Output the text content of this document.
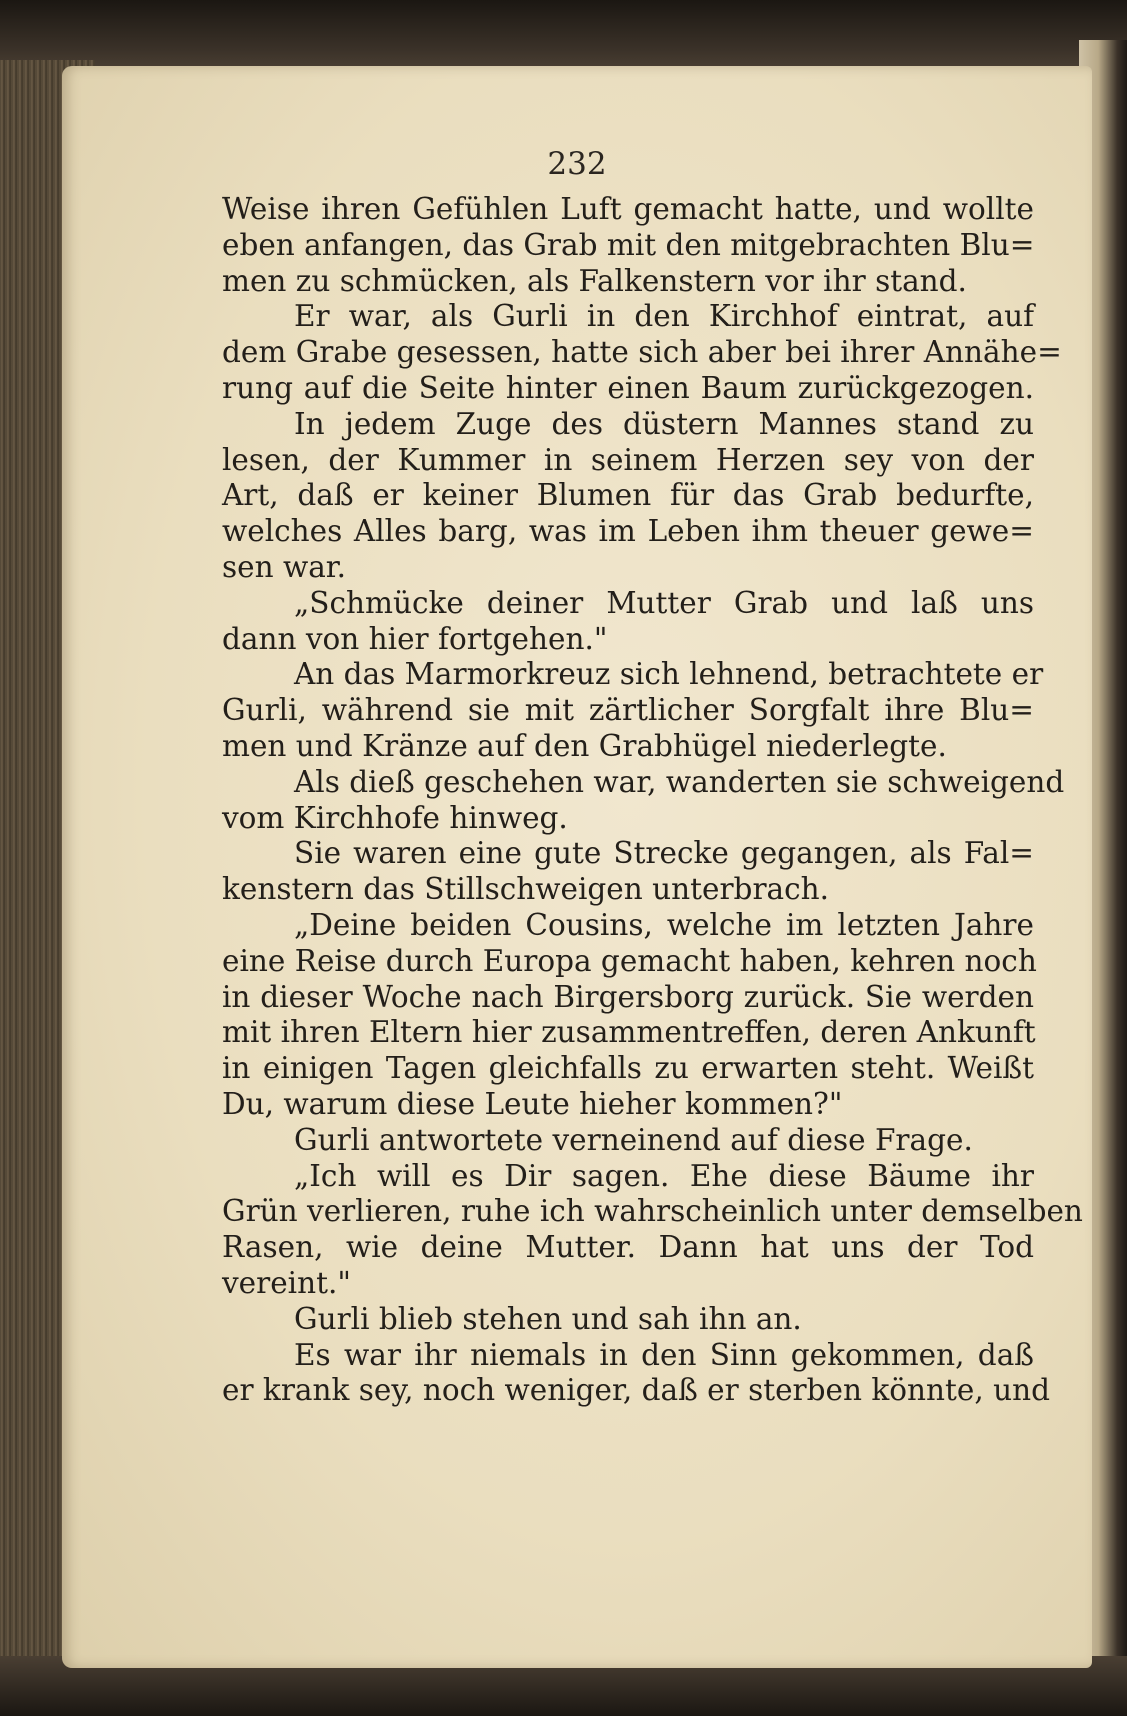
232
Weise ihren Gefühlen Luft gemacht hatte, und wollte
eben anfangen, das Grab mit den mitgebrachten Blu=
men zu schmücken, als Falkenstern vor ihr stand.
Er war, als Gurli in den Kirchhof eintrat, auf
dem Grabe gesessen, hatte sich aber bei ihrer Annähe=
rung auf die Seite hinter einen Baum zurückgezogen.
In jedem Zuge des düstern Mannes stand zu
lesen, der Kummer in seinem Herzen sey von der
Art, daß er keiner Blumen für das Grab bedurfte,
welches Alles barg, was im Leben ihm theuer gewe=
sen war.
„Schmücke deiner Mutter Grab und laß uns
dann von hier fortgehen."
An das Marmorkreuz sich lehnend, betrachtete er
Gurli, während sie mit zärtlicher Sorgfalt ihre Blu=
men und Kränze auf den Grabhügel niederlegte.
Als dieß geschehen war, wanderten sie schweigend
vom Kirchhofe hinweg.
Sie waren eine gute Strecke gegangen, als Fal=
kenstern das Stillschweigen unterbrach.
„Deine beiden Cousins, welche im letzten Jahre
eine Reise durch Europa gemacht haben, kehren noch
in dieser Woche nach Birgersborg zurück. Sie werden
mit ihren Eltern hier zusammentreffen, deren Ankunft
in einigen Tagen gleichfalls zu erwarten steht. Weißt
Du, warum diese Leute hieher kommen?"
Gurli antwortete verneinend auf diese Frage.
„Ich will es Dir sagen. Ehe diese Bäume ihr
Grün verlieren, ruhe ich wahrscheinlich unter demselben
Rasen, wie deine Mutter. Dann hat uns der Tod
vereint."
Gurli blieb stehen und sah ihn an.
Es war ihr niemals in den Sinn gekommen, daß
er krank sey, noch weniger, daß er sterben könnte, und
